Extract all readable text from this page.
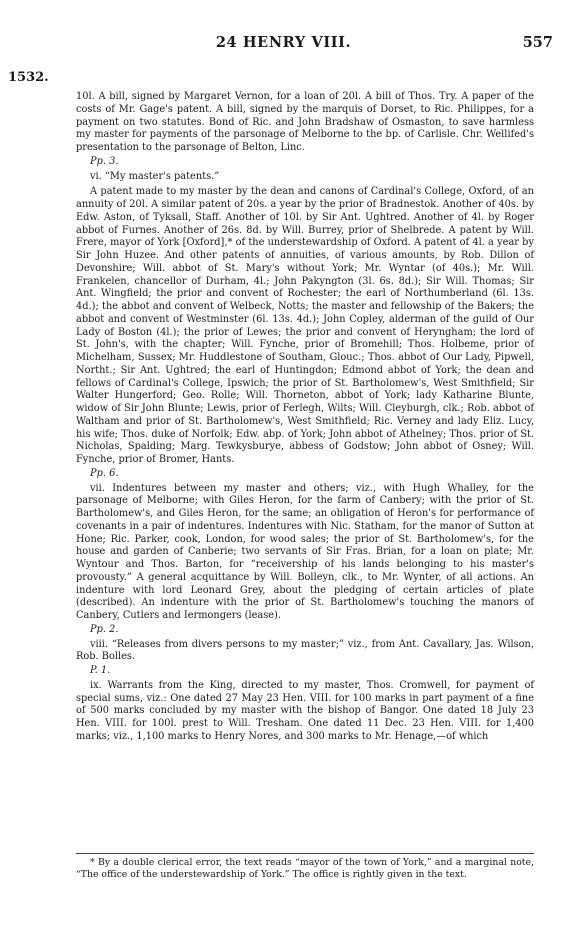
24 HENRY VIII.	557
1532.

10l. A bill, signed by Margaret Vernon, for a loan of 20l. A bill of Thos. Try. A paper of the costs of Mr. Gage's patent. A bill, signed by the marquis of Dorset, to Ric. Philippes, for a payment on two statutes. Bond of Ric. and John Bradshaw of Osmaston, to save harmless my master for payments of the parsonage of Melborne to the bp. of Carlisle. Chr. Wellifed's presentation to the parsonage of Belton, Linc.

Pp. 3.

vi. “My master's patents.”

A patent made to my master by the dean and canons of Cardinal's College, Oxford, of an annuity of 20l. A similar patent of 20s. a year by the prior of Bradnestok. Another of 40s. by Edw. Aston, of Tyksall, Staff. Another of 10l. by Sir Ant. Ughtred. Another of 4l. by Roger abbot of Furnes. Another of 26s. 8d. by Will. Burrey, prior of Shelbrede. A patent by Will. Frere, mayor of York [Oxford],* of the understewardship of Oxford. A patent of 4l. a year by Sir John Huzee. And other patents of annuities, of various amounts, by Rob. Dillon of Devonshire; Will. abbot of St. Mary's without York; Mr. Wyntar (of 40s.); Mr. Will. Frankelen, chancellor of Durham, 4l.; John Pakyngton (3l. 6s. 8d.); Sir Will. Thomas; Sir Ant. Wingfield; the prior and convent of Rochester; the earl of Northumberland (6l. 13s. 4d.); the abbot and convent of Welbeck, Notts; the master and fellowship of the Bakers; the abbot and convent of Westminster (6l. 13s. 4d.); John Copley, alderman of the guild of Our Lady of Boston (4l.); the prior of Lewes; the prior and convent of Heryngham; the lord of St. John's, with the chapter; Will. Fynche, prior of Bromehill; Thos. Holbeme, prior of Michelham, Sussex; Mr. Huddlestone of Southam, Glouc.; Thos. abbot of Our Lady, Pipwell, Northt.; Sir Ant. Ughtred; the earl of Huntingdon; Edmond abbot of York; the dean and fellows of Cardinal's College, Ipswich; the prior of St. Bartholomew's, West Smithfield; Sir Walter Hungerford; Geo. Rolle; Will. Thorneton, abbot of York; lady Katharine Blunte, widow of Sir John Blunte; Lewis, prior of Ferlegh, Wilts; Will. Cleyburgh, clk.; Rob. abbot of Waltham and prior of St. Bartholomew's, West Smithfield; Ric. Verney and lady Eliz. Lucy, his wife; Thos. duke of Norfolk; Edw. abp. of York; John abbot of Athelney; Thos. prior of St. Nicholas, Spalding; Marg. Tewkysburye, abbess of Godstow; John abbot of Osney; Will. Fynche, prior of Bromer, Hants.

Pp. 6.

vii. Indentures between my master and others; viz., with Hugh Whalley, for the parsonage of Melborne; with Giles Heron, for the farm of Canbery; with the prior of St. Bartholomew's, and Giles Heron, for the same; an obligation of Heron's for performance of covenants in a pair of indentures. Indentures with Nic. Statham, for the manor of Sutton at Hone; Ric. Parker, cook, London, for wood sales; the prior of St. Bartholomew's, for the house and garden of Canberie; two servants of Sir Fras. Brian, for a loan on plate; Mr. Wyntour and Thos. Barton, for “receivership of his lands belonging to his master's provousty.” A general acquittance by Will. Bolleyn, clk., to Mr. Wynter, of all actions. An indenture with lord Leonard Grey, about the pledging of certain articles of plate (described). An indenture with the prior of St. Bartholomew's touching the manors of Canbery, Cutlers and Iermongers (lease).

Pp. 2.

viii. “Releases from divers persons to my master;” viz., from Ant. Cavallary, Jas. Wilson, Rob. Bolles.

P. 1.

ix. Warrants from the King, directed to my master, Thos. Cromwell, for payment of special sums, viz.: One dated 27 May 23 Hen. VIII. for 100 marks in part payment of a fine of 500 marks concluded by my master with the bishop of Bangor. One dated 18 July 23 Hen. VIII. for 100l. prest to Will. Tresham. One dated 11 Dec. 23 Hen. VIII. for 1,400 marks; viz., 1,100 marks to Henry Nores, and 300 marks to Mr. Henage,—of which

* By a double clerical error, the text reads “mayor of the town of York,” and a marginal note, “The office of the understewardship of York.” The office is rightly given in the text.
